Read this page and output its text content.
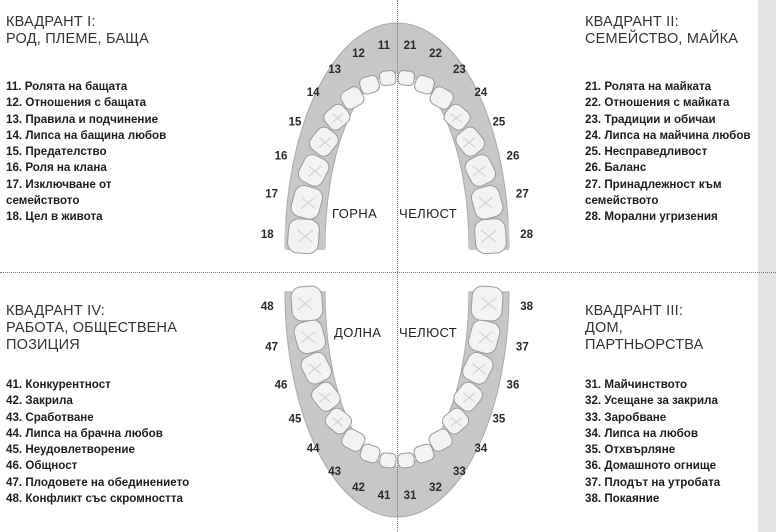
11
12
13
14
15
16
17
18
21
22
23
24
25
26
27
28
41
42
43
44
45
46
47
48
31
32
33
34
35
36
37
38
ГОРНА ЧЕЛЮСТ
ДОЛНА ЧЕЛЮСТ
КВАДРАНТ I:
РОД, ПЛЕМЕ, БАЩА
11. Ролята на бащата
12. Отношения с бащата
13. Правила и подчинение
14. Липса на бащина любов
15. Предателство
16. Роля на клана
17. Изключване от семейството
18. Цел в живота
КВАДРАНТ II:
СЕМЕЙСТВО, МАЙКА
21. Ролята на майката
22. Отношения с майката
23. Традиции и обичаи
24. Липса на майчина любов
25. Несправедливост
26. Баланс
27. Принадлежност към семейството
28. Морални угризения
КВАДРАНТ IV:
РАБОТА, ОБЩЕСТВЕНА
ПОЗИЦИЯ
41. Конкурентност
42. Закрила
43. Сработване
44. Липса на брачна любов
45. Неудовлетворение
46. Общност
47. Плодовете на обединението
48. Конфликт със скромността
КВАДРАНТ III:
ДОМ,
ПАРТНЬОРСТВА
31. Майчинството
32. Усещане за закрила
33. Заробване
34. Липса на любов
35. Отхвърляне
36. Домашното огнище
37. Плодът на утробата
38. Покаяние
